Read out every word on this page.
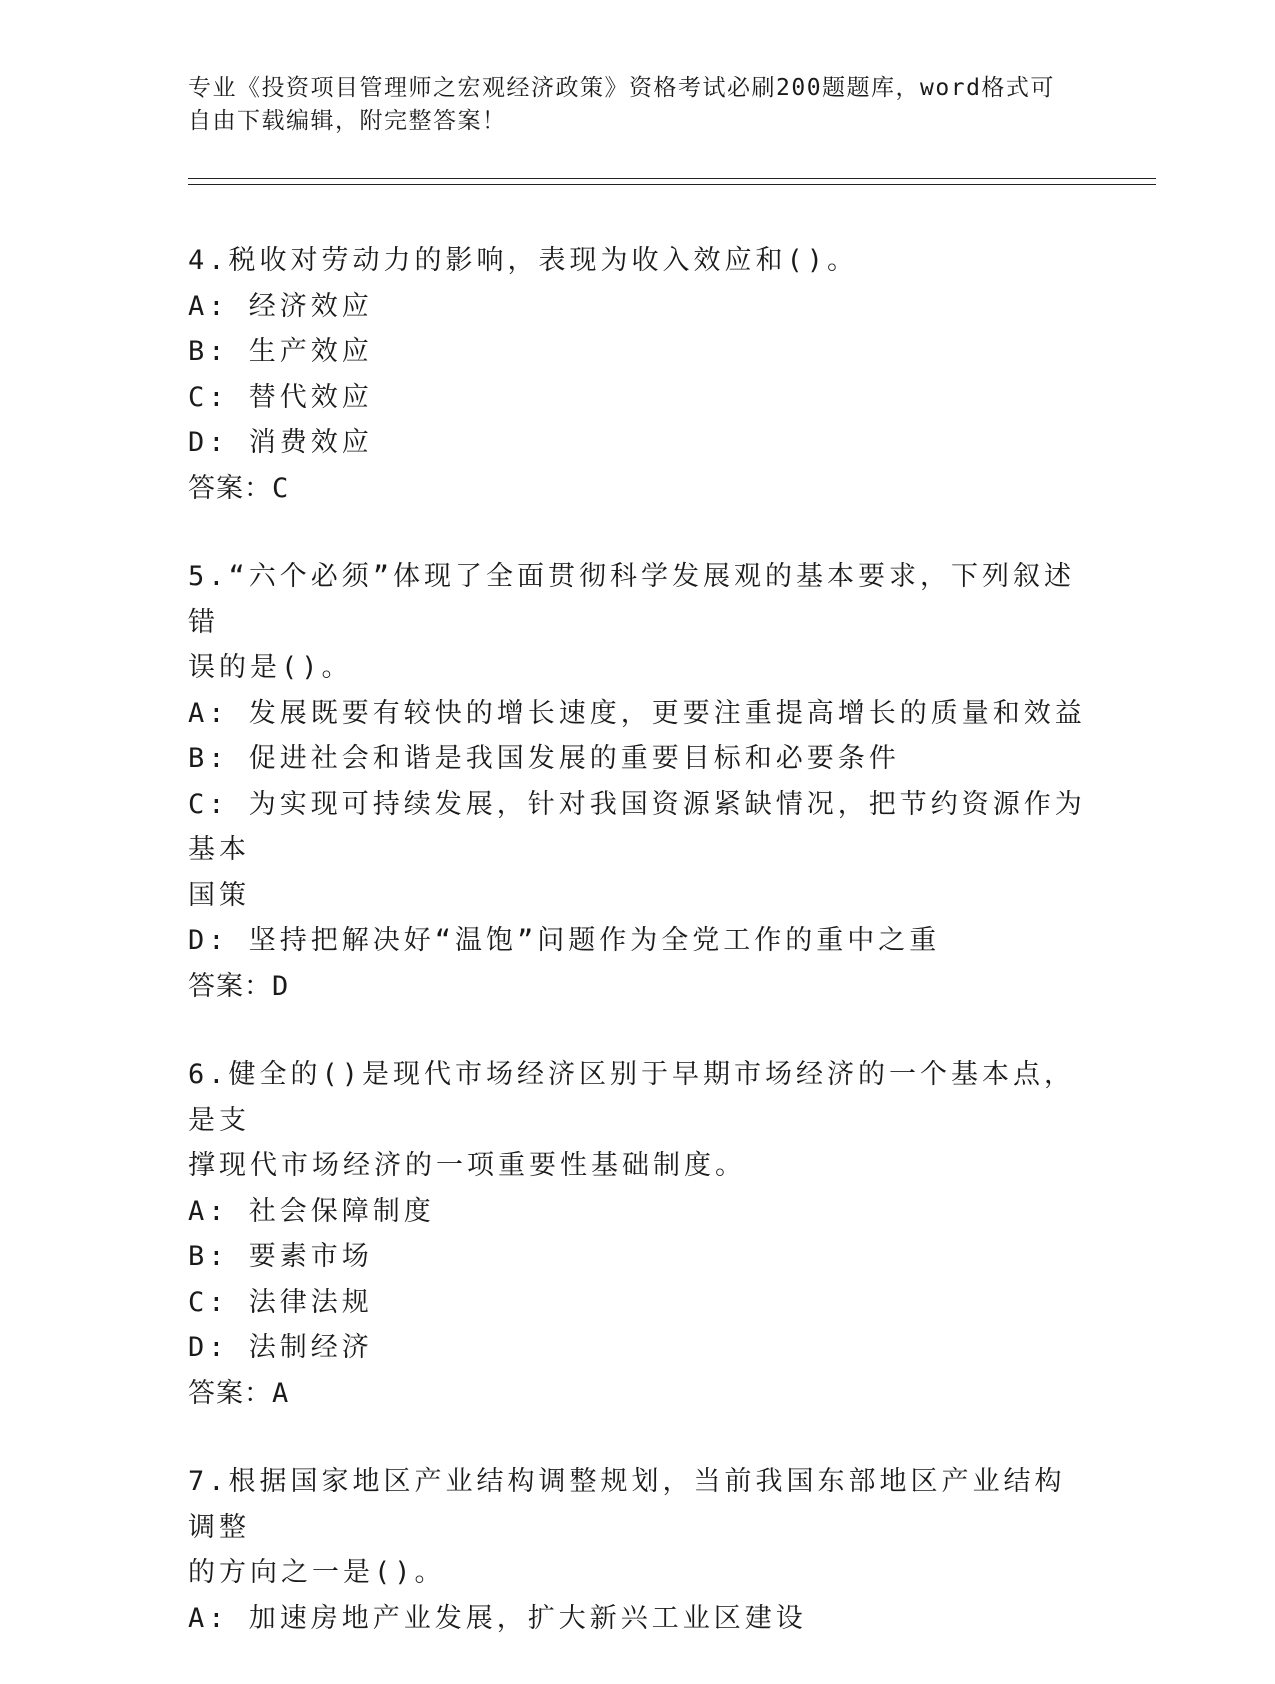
专业《投资项目管理师之宏观经济政策》资格考试必刷200题题库，word格式可
自由下载编辑，附完整答案！
4.税收对劳动力的影响，表现为收入效应和()。
A: 经济效应
B: 生产效应
C: 替代效应
D: 消费效应
答案：C
5.“六个必须”体现了全面贯彻科学发展观的基本要求，下列叙述错
误的是()。
A: 发展既要有较快的增长速度，更要注重提高增长的质量和效益
B: 促进社会和谐是我国发展的重要目标和必要条件
C: 为实现可持续发展，针对我国资源紧缺情况，把节约资源作为基本
国策
D: 坚持把解决好“温饱”问题作为全党工作的重中之重
答案：D
6.健全的()是现代市场经济区别于早期市场经济的一个基本点，是支
撑现代市场经济的一项重要性基础制度。
A: 社会保障制度
B: 要素市场
C: 法律法规
D: 法制经济
答案：A
7.根据国家地区产业结构调整规划，当前我国东部地区产业结构调整
的方向之一是()。
A: 加速房地产业发展，扩大新兴工业区建设
